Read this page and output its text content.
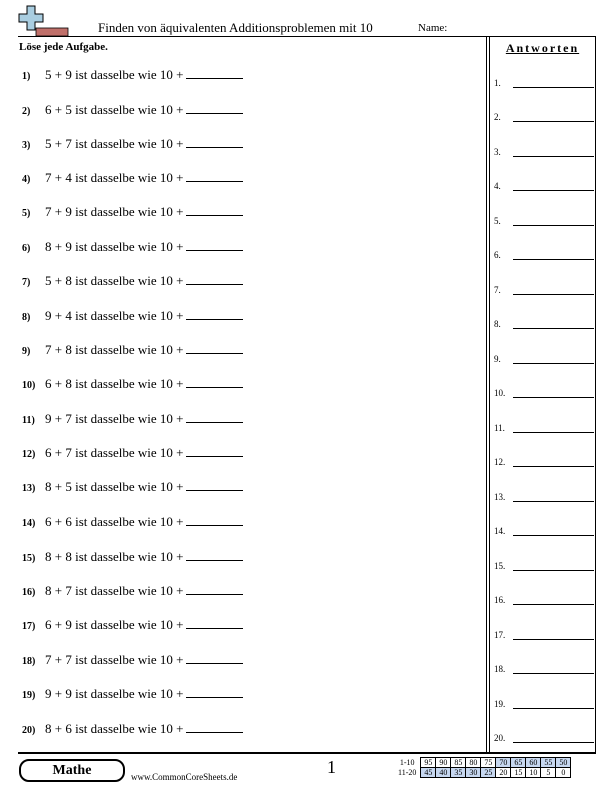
Finden von äquivalenten Additionsproblemen mit 10	Name:
Löse jede Aufgabe.
1)	5 + 9 ist dasselbe wie 10 +
2)	6 + 5 ist dasselbe wie 10 +
3)	5 + 7 ist dasselbe wie 10 +
4)	7 + 4 ist dasselbe wie 10 +
5)	7 + 9 ist dasselbe wie 10 +
6)	8 + 9 ist dasselbe wie 10 +
7)	5 + 8 ist dasselbe wie 10 +
8)	9 + 4 ist dasselbe wie 10 +
9)	7 + 8 ist dasselbe wie 10 +
10) 6 + 8 ist dasselbe wie 10 +
11) 9 + 7 ist dasselbe wie 10 +
12) 6 + 7 ist dasselbe wie 10 +
13) 8 + 5 ist dasselbe wie 10 +
14) 6 + 6 ist dasselbe wie 10 +
15) 8 + 8 ist dasselbe wie 10 +
16) 8 + 7 ist dasselbe wie 10 +
17) 6 + 9 ist dasselbe wie 10 +
18) 7 + 7 ist dasselbe wie 10 +
19) 9 + 9 ist dasselbe wie 10 +
20) 8 + 6 ist dasselbe wie 10 +
Antworten
1.
2.
3.
4.
5.
6.
7.
8.
9.
10.
11.
12.
13.
14.
15.
16.
17.
18.
19.
20.
Mathe	www.CommonCoreSheets.de	1	1-10	95	90	85	80	75	70	65	60	55	50
11-20	45	40	35	30	25	20	15	10	5	0
